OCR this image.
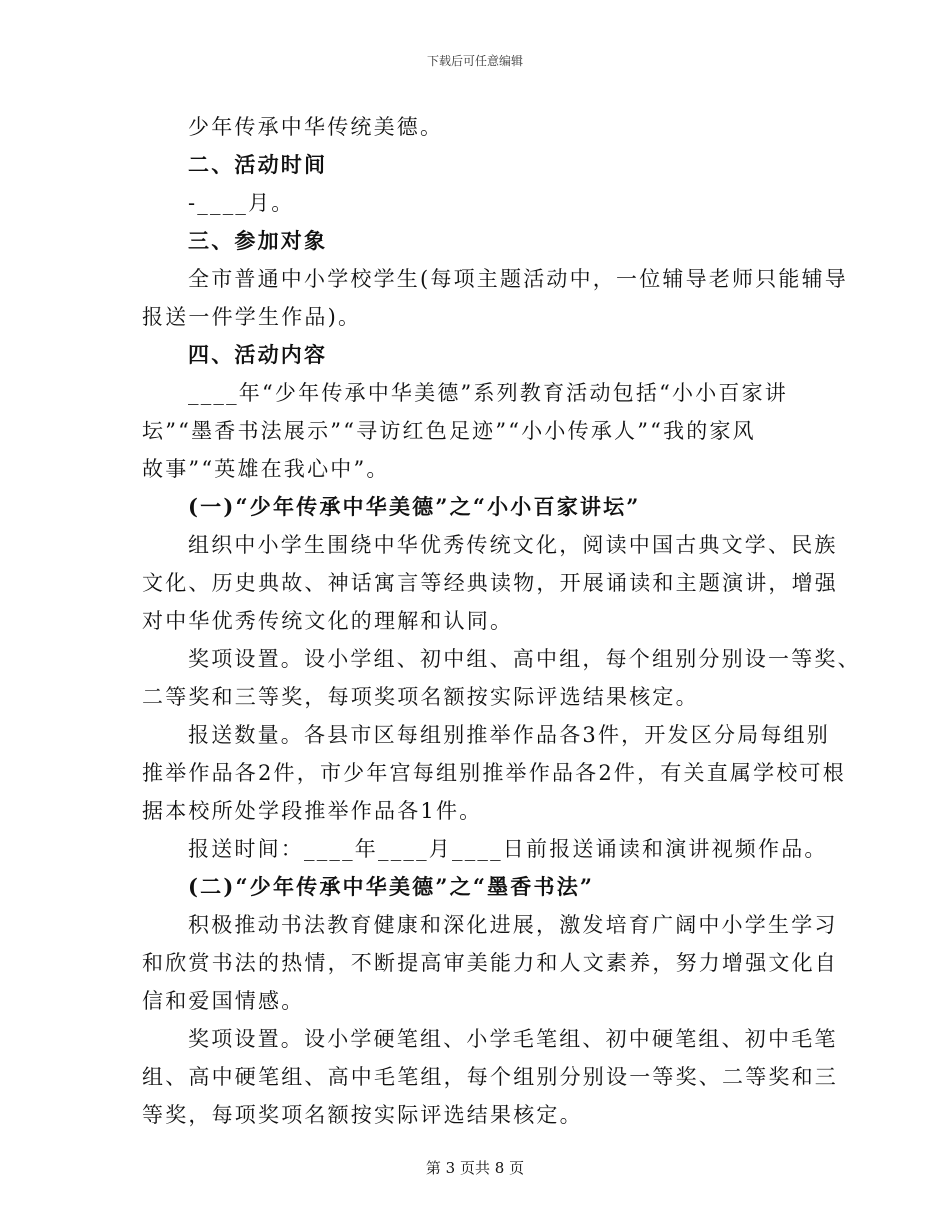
下载后可任意编辑

少年传承中华传统美德。

二、活动时间

-____月。

三、参加对象

全市普通中小学校学生(每项主题活动中，一位辅导老师只能辅导

报送一件学生作品)。

四、活动内容

____年“少年传承中华美德”系列教育活动包括“小小百家讲

坛”“墨香书法展示”“寻访红色足迹”“小小传承人”“我的家风

故事”“英雄在我心中”。

(一)“少年传承中华美德”之“小小百家讲坛”

组织中小学生围绕中华优秀传统文化，阅读中国古典文学、民族

文化、历史典故、神话寓言等经典读物，开展诵读和主题演讲，增强

对中华优秀传统文化的理解和认同。

奖项设置。设小学组、初中组、高中组，每个组别分别设一等奖、

二等奖和三等奖，每项奖项名额按实际评选结果核定。

报送数量。各县市区每组别推举作品各3件，开发区分局每组别

推举作品各2件，市少年宫每组别推举作品各2件，有关直属学校可根

据本校所处学段推举作品各1件。

报送时间：____年____月____日前报送诵读和演讲视频作品。

(二)“少年传承中华美德”之“墨香书法”

积极推动书法教育健康和深化进展，激发培育广阔中小学生学习

和欣赏书法的热情，不断提高审美能力和人文素养，努力增强文化自

信和爱国情感。

奖项设置。设小学硬笔组、小学毛笔组、初中硬笔组、初中毛笔

组、高中硬笔组、高中毛笔组，每个组别分别设一等奖、二等奖和三

等奖，每项奖项名额按实际评选结果核定。

第 3 页共 8 页
